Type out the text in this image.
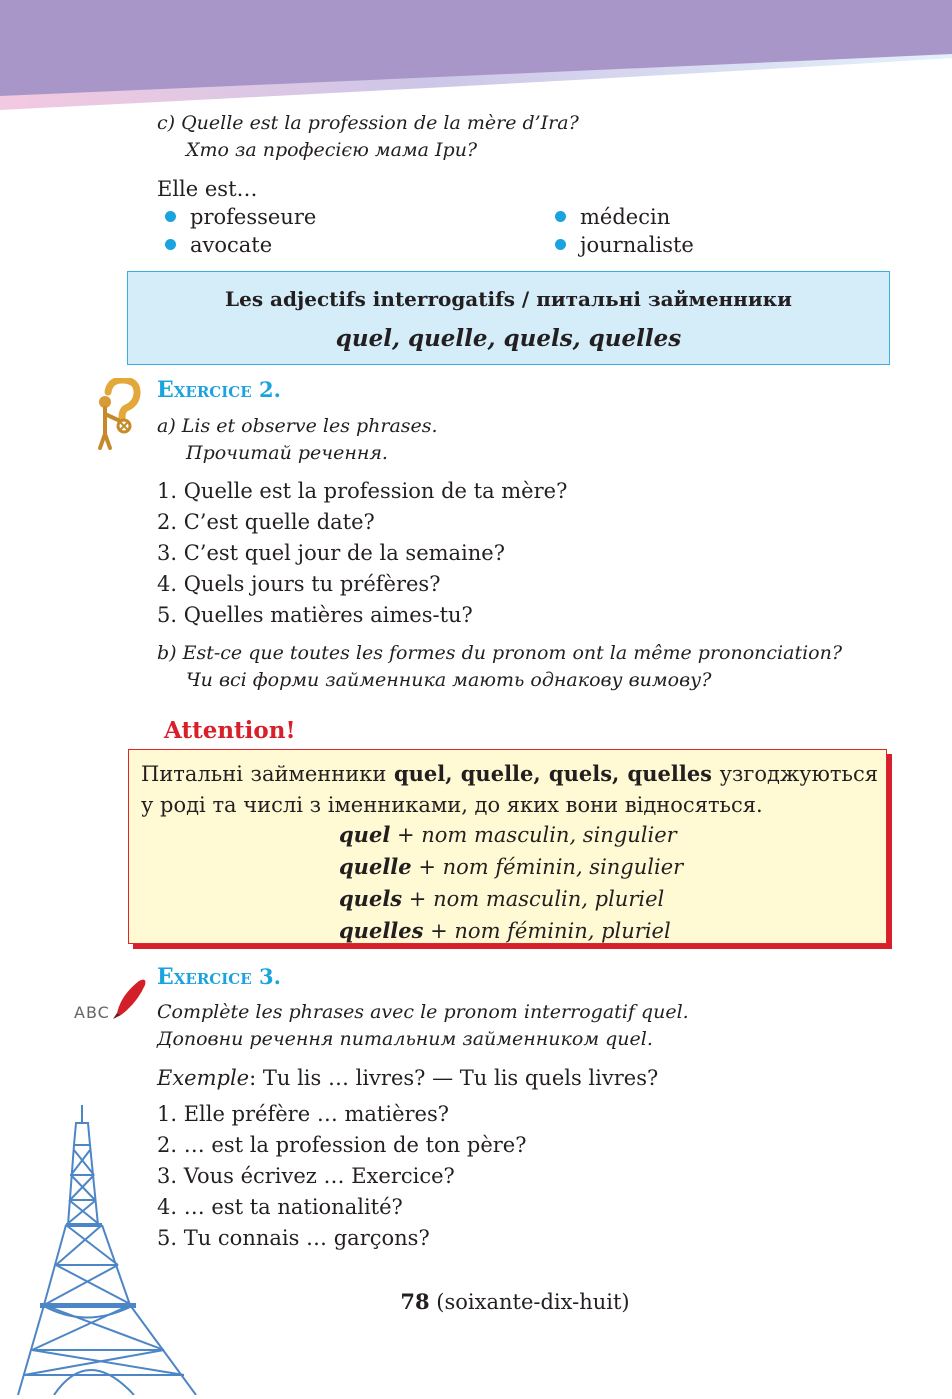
c) Quelle est la profession de la mère d’Ira?
Хто за професією мама Іри?
Elle est…
professeure	médecin
avocate	journaliste
Les adjectifs interrogatifs / питальні займенники
quel, quelle, quels, quelles
Exercice 2.
a) Lis et observe les phrases.
Прочитай речення.
1. Quelle est la profession de ta mère?
2. C’est quelle date?
3. C’est quel jour de la semaine?
4. Quels jours tu préfères?
5. Quelles matières aimes-tu?
b) Est-ce que toutes les formes du pronom ont la même prononciation?
Чи всі форми займенника мають однакову вимову?
Attention!
Питальні займенники quel, quelle, quels, quelles узгоджуються у роді та числі з іменниками, до яких вони відносяться.
quel + nom masculin, singulier
quelle + nom féminin, singulier
quels + nom masculin, pluriel
quelles + nom féminin, pluriel
ABC
Exercice 3.
Complète les phrases avec le pronom interrogatif quel.
Доповни речення питальним займенником quel.
Exemple: Tu lis … livres? — Tu lis quels livres?
1. Elle préfère … matières?
2. … est la profession de ton père?
3. Vous écrivez … Exercice?
4. … est ta nationalité?
5. Tu connais … garçons?
78 (soixante-dix-huit)
